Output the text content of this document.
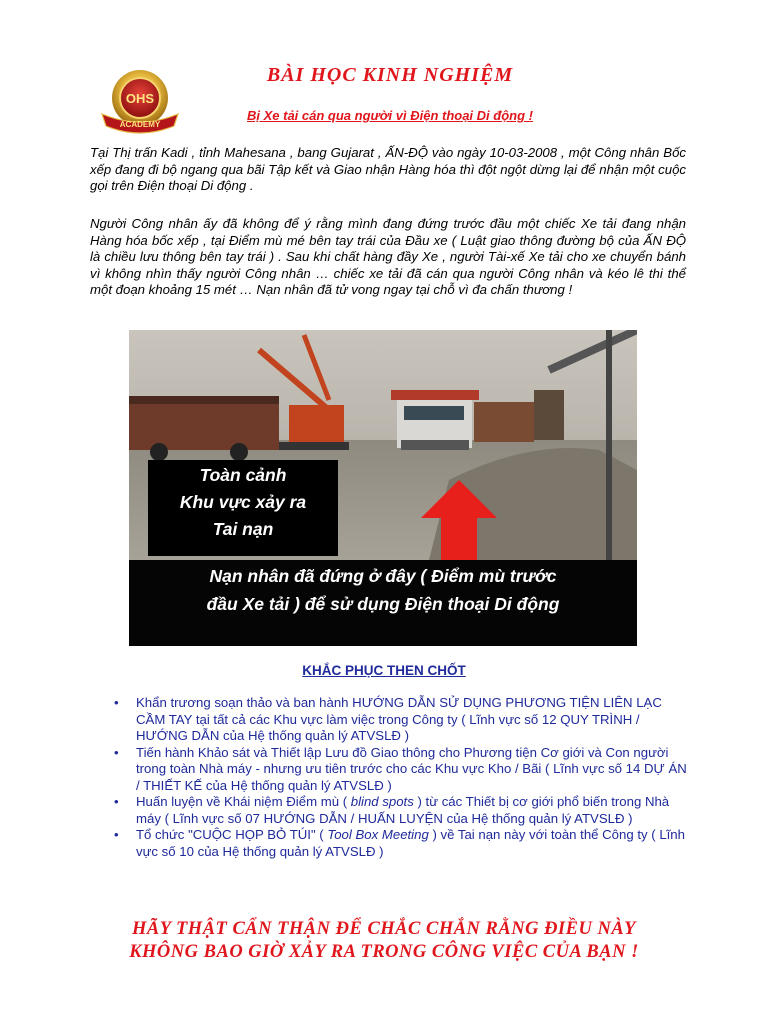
OHS
ACADEMY
BÀI HỌC KINH NGHIỆM
Bị Xe tải cán qua người vì Điện thoại Di động !
Tại Thị trấn Kadi , tỉnh Mahesana , bang Gujarat , ẤN-ĐỘ vào ngày 10-03-2008 , một Công nhân Bốc xếp đang đi bộ ngang qua bãi Tập kết và Giao nhận Hàng hóa thì đột ngột dừng lại để nhận một cuộc gọi trên Điện thoại Di động .
Người Công nhân ấy đã không để ý rằng mình đang đứng trước đầu một chiếc Xe tải đang nhận Hàng hóa bốc xếp , tại Điểm mù mé bên tay trái của Đầu xe ( Luật giao thông đường bộ của ẤN ĐỘ là chiều lưu thông bên tay trái ) . Sau khi chất hàng đầy Xe , người Tài-xế Xe tải cho xe chuyển bánh vì không nhìn thấy người Công nhân … chiếc xe tải đã cán qua người Công nhân và kéo lê thi thể một đoạn khoảng 15 mét … Nạn nhân đã tử vong ngay tại chỗ vì đa chấn thương !
Toàn cảnh
Khu vực xảy ra
Tai nạn
Nạn nhân đã đứng ở đây ( Điểm mù trước
đầu Xe tải ) để sử dụng Điện thoại Di động
KHẮC PHỤC THEN CHỐT
• Khẩn trương soạn thảo và ban hành HƯỚNG DẪN SỬ DỤNG PHƯƠNG TIỆN LIÊN LẠC CẦM TAY tại tất cả các Khu vực làm việc trong Công ty ( Lĩnh vực số 12 QUY TRÌNH / HƯỚNG DẪN của Hệ thống quản lý ATVSLĐ )
• Tiến hành Khảo sát và Thiết lập Lưu đồ Giao thông cho Phương tiện Cơ giới và Con người trong toàn Nhà máy - nhưng ưu tiên trước cho các Khu vực Kho / Bãi ( Lĩnh vực số 14 DỰ ÁN / THIẾT KẾ của Hệ thống quản lý ATVSLĐ )
• Huấn luyện về Khái niệm Điểm mù ( blind spots ) từ các Thiết bị cơ giới phổ biến trong Nhà máy ( Lĩnh vực số 07 HƯỚNG DẪN / HUẤN LUYỆN của Hệ thống quản lý ATVSLĐ )
• Tổ chức "CUỘC HỌP BỎ TÚI" ( Tool Box Meeting ) về Tai nạn này với toàn thể Công ty ( Lĩnh vực số 10 của Hệ thống quản lý ATVSLĐ )
HÃY THẬT CẨN THẬN ĐỂ CHẮC CHẮN RẰNG ĐIỀU NÀY
KHÔNG BAO GIỜ XẢY RA TRONG CÔNG VIỆC CỦA BẠN !
